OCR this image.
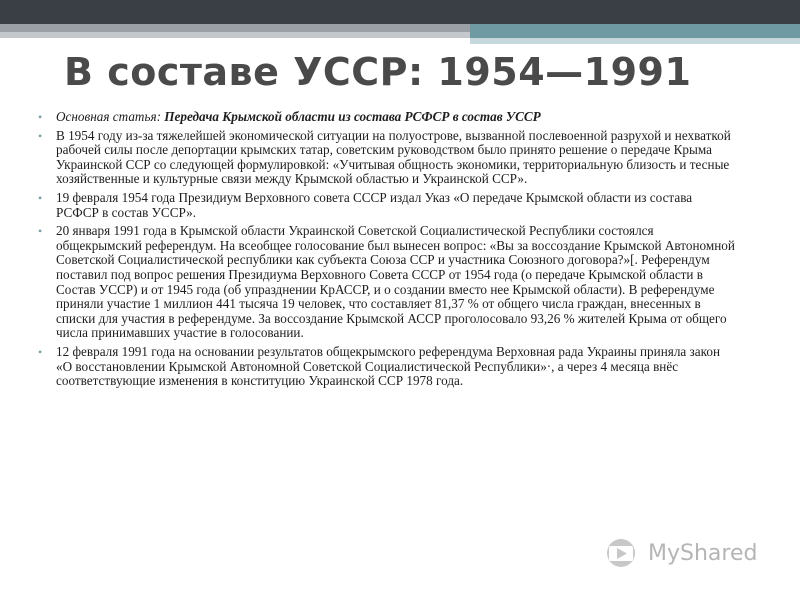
В составе УССР: 1954—1991
• Основная статья: Передача Крымской области из состава РСФСР в состав УССР
• В 1954 году из-за тяжелейшей экономической ситуации на полуострове, вызванной послевоенной разрухой и нехваткой рабочей силы после депортации крымских татар, советским руководством было принято решение о передаче Крыма Украинской ССР со следующей формулировкой: «Учитывая общность экономики, территориальную близость и тесные хозяйственные и культурные связи между Крымской областью и Украинской ССР».
• 19 февраля 1954 года Президиум Верховного совета СССР издал Указ «О передаче Крымской области из состава РСФСР в состав УССР».
• 20 января 1991 года в Крымской области Украинской Советской Социалистической Республики состоялся общекрымский референдум. На всеобщее голосование был вынесен вопрос: «Вы за воссоздание Крымской Автономной Советской Социалистической республики как субъекта Союза ССР и участника Союзного договора?»[. Референдум поставил под вопрос решения Президиума Верховного Совета СССР от 1954 года (о передаче Крымской области в Состав УССР) и от 1945 года (об упразднении КрАССР, и о создании вместо нее Крымской области). В референдуме приняли участие 1 миллион 441 тысяча 19 человек, что составляет 81,37 % от общего числа граждан, внесенных в списки для участия в референдуме. За воссоздание Крымской АССР проголосовало 93,26 % жителей Крыма от общего числа принимавших участие в голосовании.
• 12 февраля 1991 года на основании результатов общекрымского референдума Верховная рада Украины приняла закон «О восстановлении Крымской Автономной Советской Социалистической Республики»·, а через 4 месяца внёс соответствующие изменения в конституцию Украинской ССР 1978 года.
MyShared
